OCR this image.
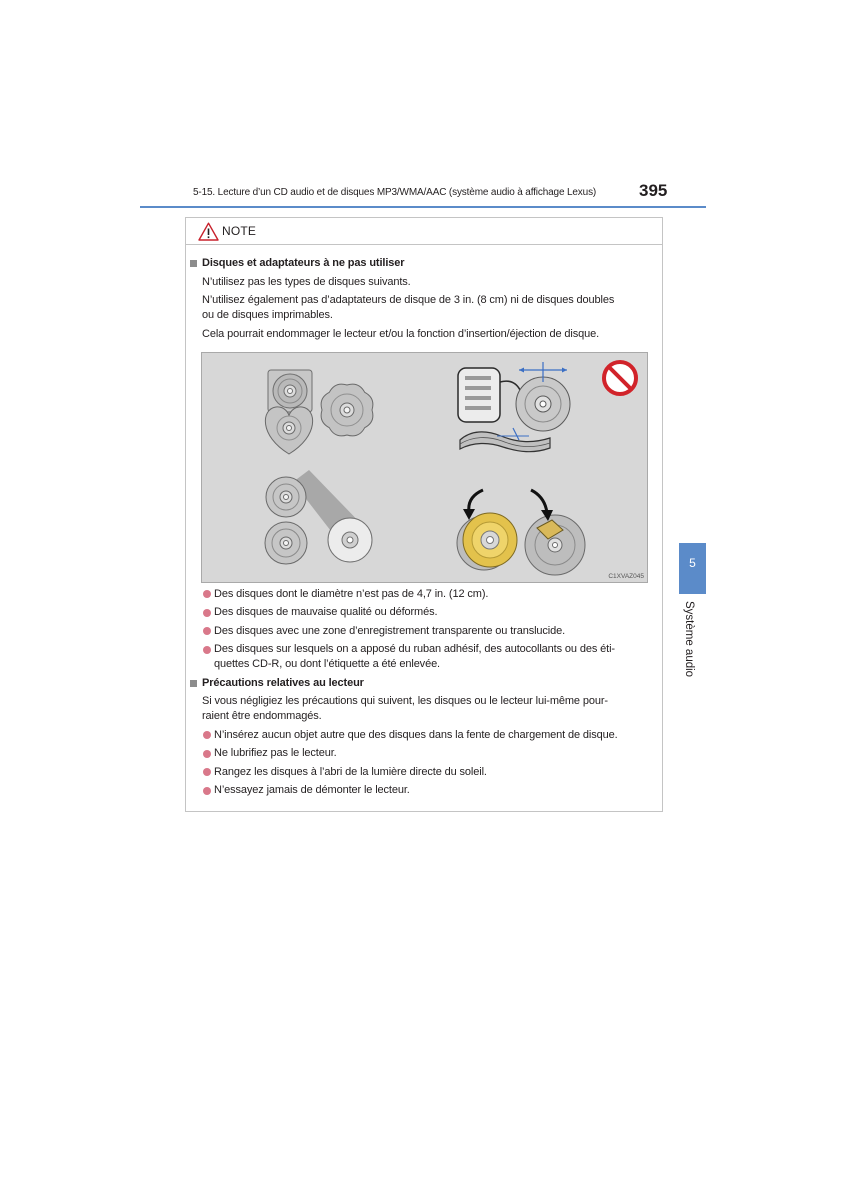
5-15. Lecture d’un CD audio et de disques MP3/WMA/AAC (système audio à affichage Lexus)	395
5
Système audio
NOTE
Disques et adaptateurs à ne pas utiliser
N’utilisez pas les types de disques suivants.
N’utilisez également pas d’adaptateurs de disque de 3 in. (8 cm) ni de disques doubles
ou de disques imprimables.
Cela pourrait endommager le lecteur et/ou la fonction d’insertion/éjection de disque.
C1XVAZ045
Des disques dont le diamètre n’est pas de 4,7 in. (12 cm).
Des disques de mauvaise qualité ou déformés.
Des disques avec une zone d’enregistrement transparente ou translucide.
Des disques sur lesquels on a apposé du ruban adhésif, des autocollants ou des éti-
quettes CD-R, ou dont l’étiquette a été enlevée.
Précautions relatives au lecteur
Si vous négligiez les précautions qui suivent, les disques ou le lecteur lui-même pour-
raient être endommagés.
N’insérez aucun objet autre que des disques dans la fente de chargement de disque.
Ne lubrifiez pas le lecteur.
Rangez les disques à l’abri de la lumière directe du soleil.
N’essayez jamais de démonter le lecteur.
